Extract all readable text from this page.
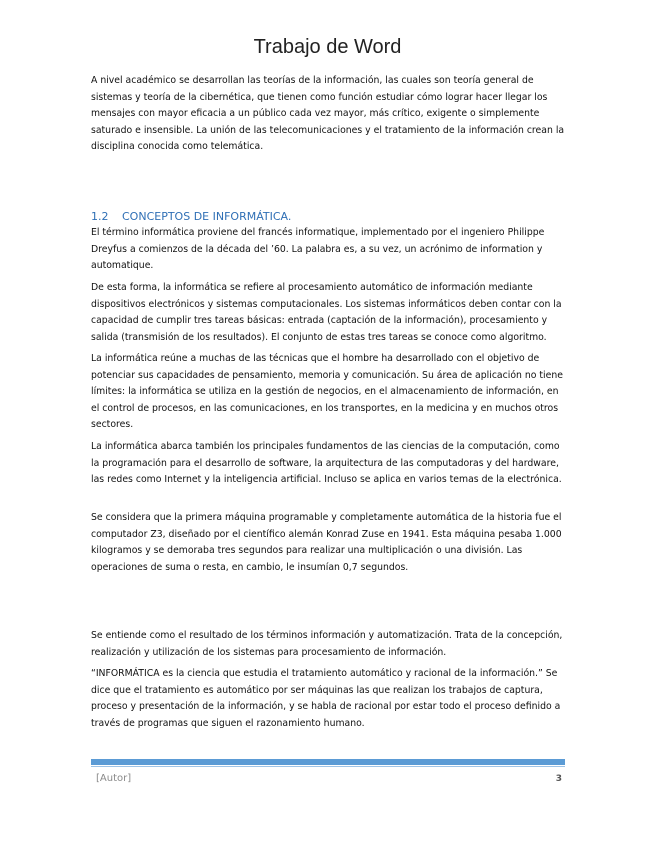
Trabajo de Word

A nivel académico se desarrollan las teorías de la información, las cuales son teoría general de sistemas y teoría de la cibernética, que tienen como función estudiar cómo lograr hacer llegar los mensajes con mayor eficacia a un público cada vez mayor, más crítico, exigente o simplemente saturado e insensible. La unión de las telecomunicaciones y el tratamiento de la información crean la disciplina conocida como telemática.

1.2 CONCEPTOS DE INFORMÁTICA.

El término informática proviene del francés informatique, implementado por el ingeniero Philippe Dreyfus a comienzos de la década del ’60. La palabra es, a su vez, un acrónimo de information y automatique.

De esta forma, la informática se refiere al procesamiento automático de información mediante dispositivos electrónicos y sistemas computacionales. Los sistemas informáticos deben contar con la capacidad de cumplir tres tareas básicas: entrada (captación de la información), procesamiento y salida (transmisión de los resultados). El conjunto de estas tres tareas se conoce como algoritmo.

La informática reúne a muchas de las técnicas que el hombre ha desarrollado con el objetivo de potenciar sus capacidades de pensamiento, memoria y comunicación. Su área de aplicación no tiene límites: la informática se utiliza en la gestión de negocios, en el almacenamiento de información, en el control de procesos, en las comunicaciones, en los transportes, en la medicina y en muchos otros sectores.

La informática abarca también los principales fundamentos de las ciencias de la computación, como la programación para el desarrollo de software, la arquitectura de las computadoras y del hardware, las redes como Internet y la inteligencia artificial. Incluso se aplica en varios temas de la electrónica.

Se considera que la primera máquina programable y completamente automática de la historia fue el computador Z3, diseñado por el científico alemán Konrad Zuse en 1941. Esta máquina pesaba 1.000 kilogramos y se demoraba tres segundos para realizar una multiplicación o una división. Las operaciones de suma o resta, en cambio, le insumían 0,7 segundos.

Se entiende como el resultado de los términos información y automatización. Trata de la concepción, realización y utilización de los sistemas para procesamiento de información.

“INFORMÁTICA es la ciencia que estudia el tratamiento automático y racional de la información.” Se dice que el tratamiento es automático por ser máquinas las que realizan los trabajos de captura, proceso y presentación de la información, y se habla de racional por estar todo el proceso definido a través de programas que siguen el razonamiento humano.

[Autor]	3
